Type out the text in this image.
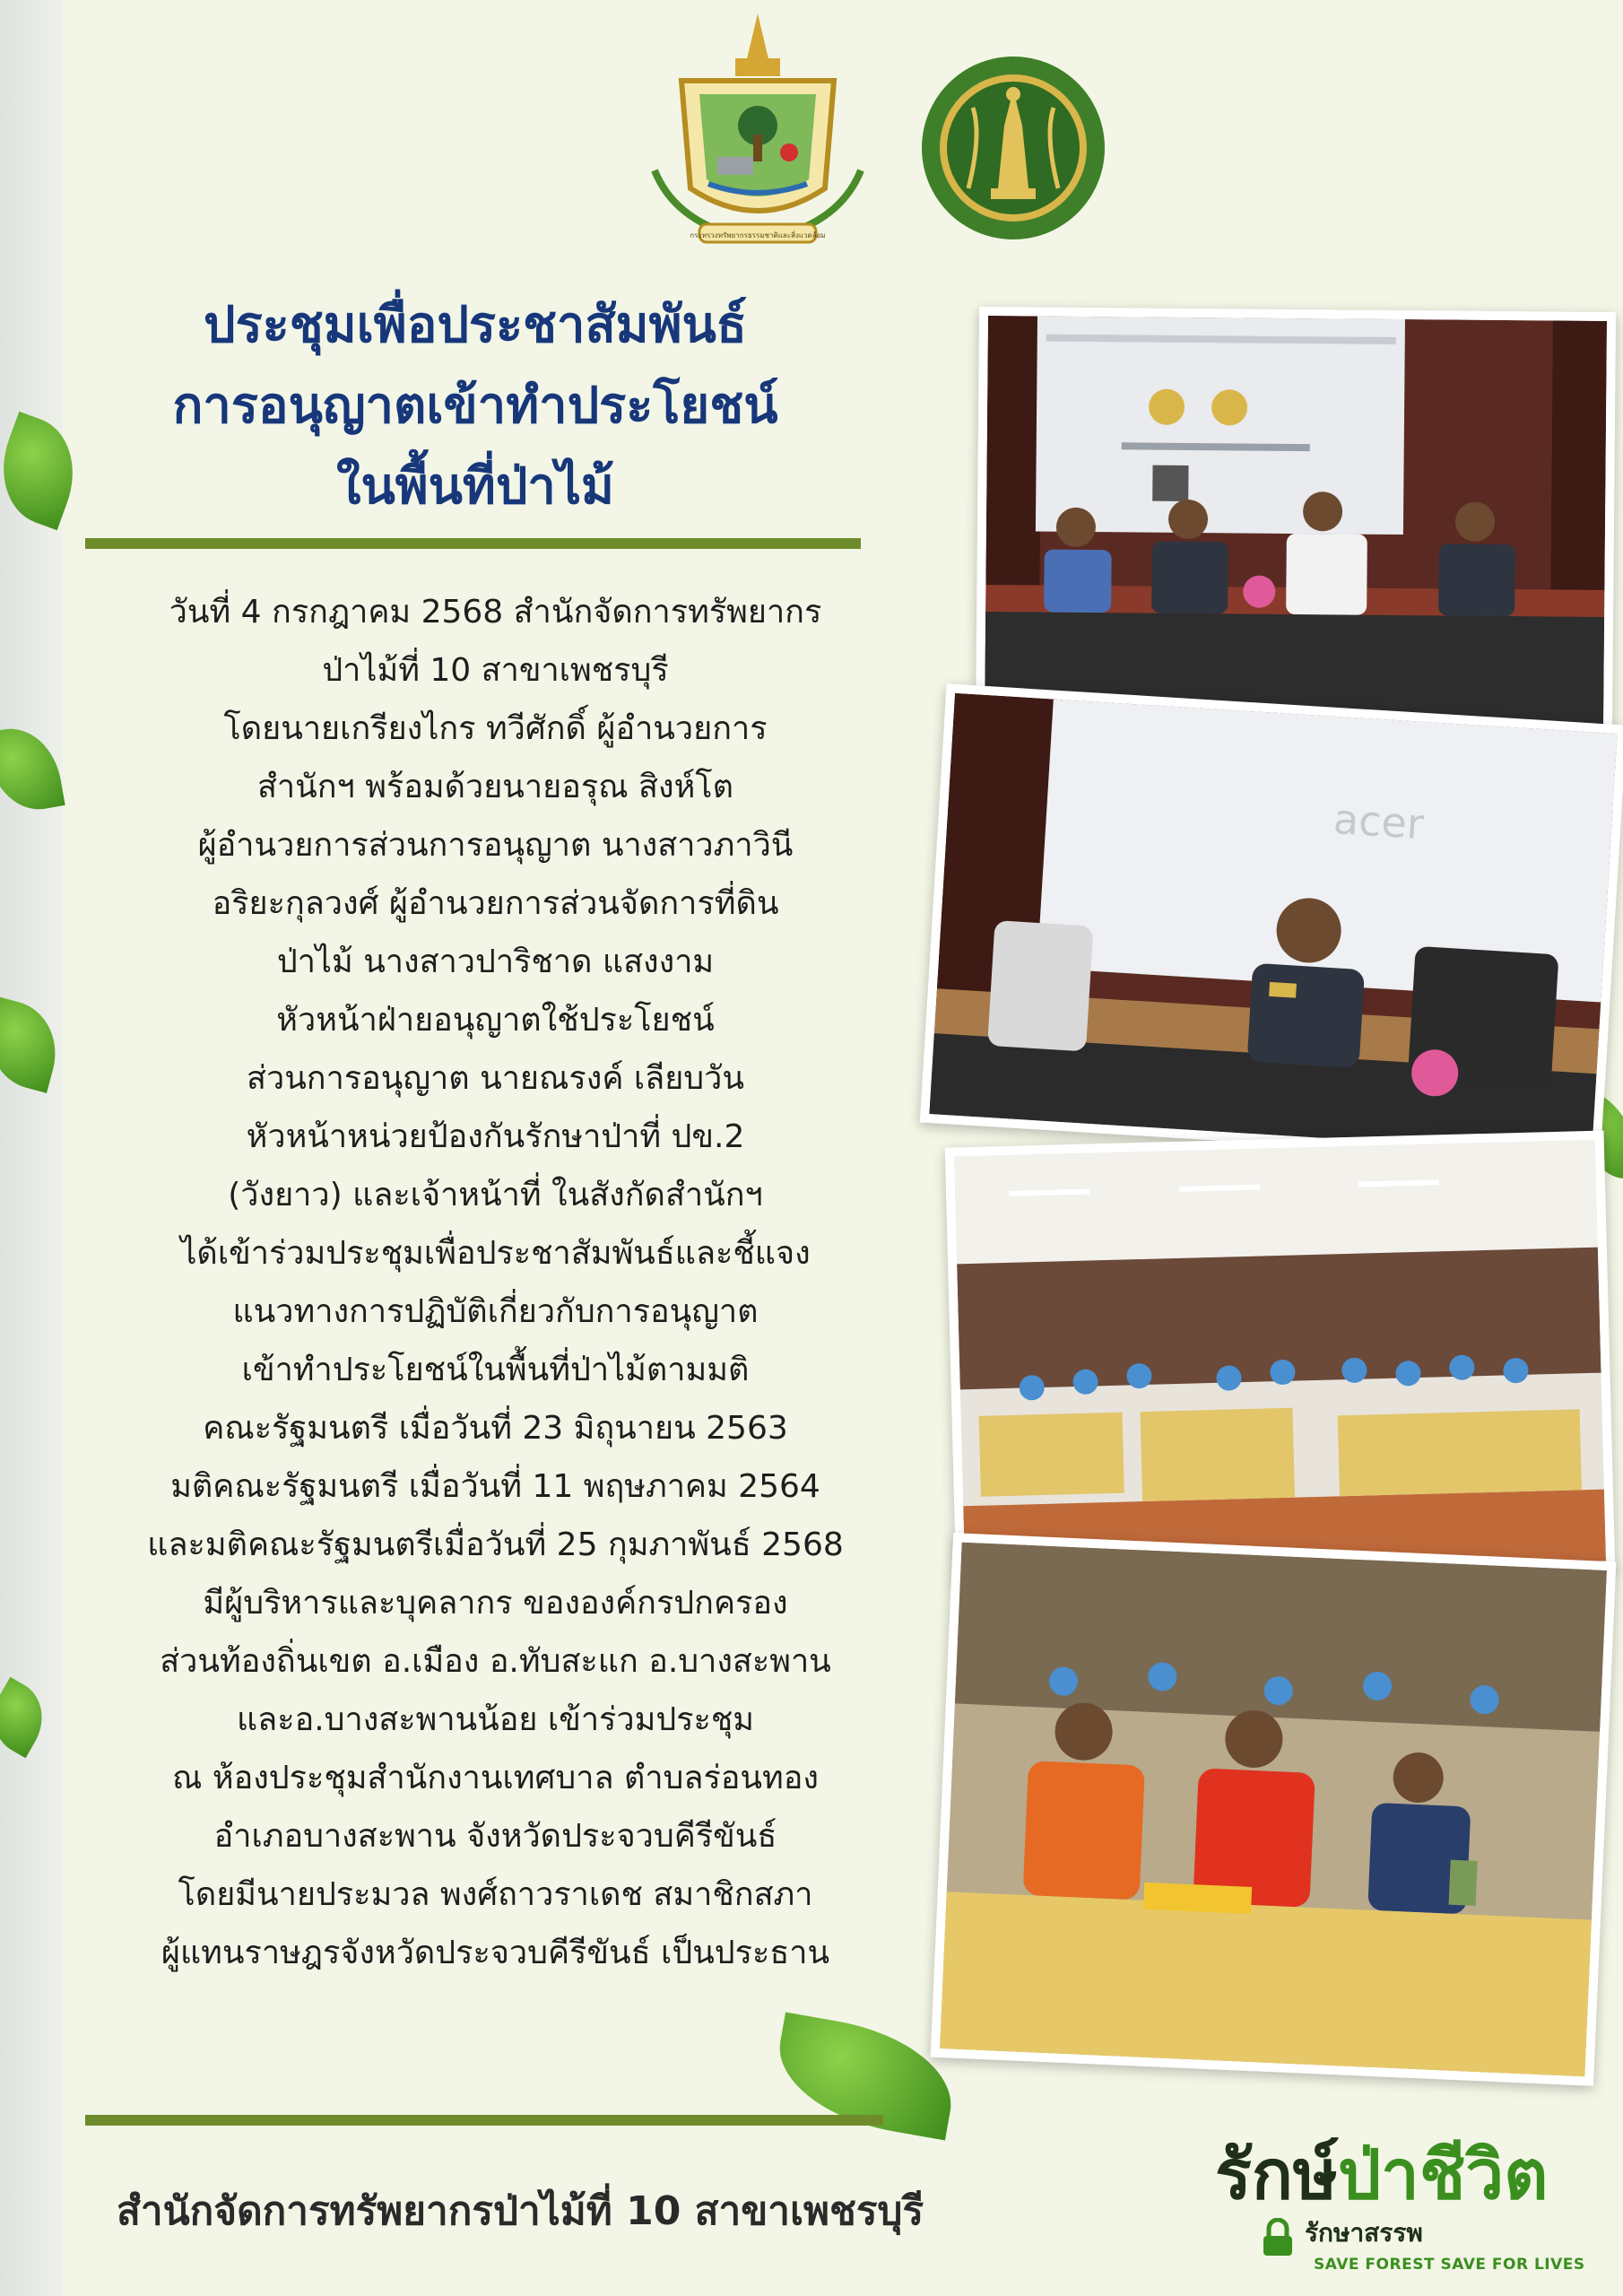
กระทรวงทรัพยากรธรรมชาติและสิ่งแวดล้อม
ประชุมเพื่อประชาสัมพันธ์
การอนุญาตเข้าทำประโยชน์
ในพื้นที่ป่าไม้
วันที่ 4 กรกฎาคม 2568 สำนักจัดการทรัพยากร
ป่าไม้ที่ 10 สาขาเพชรบุรี
โดยนายเกรียงไกร ทวีศักดิ์ ผู้อำนวยการ
สำนักฯ พร้อมด้วยนายอรุณ สิงห์โต
ผู้อำนวยการส่วนการอนุญาต นางสาวภาวินี
อริยะกุลวงศ์ ผู้อำนวยการส่วนจัดการที่ดิน
ป่าไม้ นางสาวปาริชาด แสงงาม
หัวหน้าฝ่ายอนุญาตใช้ประโยชน์
ส่วนการอนุญาต นายณรงค์ เลียบวัน
หัวหน้าหน่วยป้องกันรักษาป่าที่ ปข.2
(วังยาว) และเจ้าหน้าที่ ในสังกัดสำนักฯ
ได้เข้าร่วมประชุมเพื่อประชาสัมพันธ์และชี้แจง
แนวทางการปฏิบัติเกี่ยวกับการอนุญาต
เข้าทำประโยชน์ในพื้นที่ป่าไม้ตามมติ
คณะรัฐมนตรี เมื่อวันที่ 23 มิถุนายน 2563
มติคณะรัฐมนตรี เมื่อวันที่ 11 พฤษภาคม 2564
และมติคณะรัฐมนตรีเมื่อวันที่ 25 กุมภาพันธ์ 2568
มีผู้บริหารและบุคลากร ขององค์กรปกครอง
ส่วนท้องถิ่นเขต อ.เมือง อ.ทับสะแก อ.บางสะพาน
และอ.บางสะพานน้อย เข้าร่วมประชุม
ณ ห้องประชุมสำนักงานเทศบาล ตำบลร่อนทอง
อำเภอบางสะพาน จังหวัดประจวบคีรีขันธ์
โดยมีนายประมวล พงศ์ถาวราเดช สมาชิกสภา
ผู้แทนราษฎรจังหวัดประจวบคีรีขันธ์ เป็นประธาน
acer
สำนักจัดการทรัพยากรป่าไม้ที่ 10 สาขาเพชรบุรี	รักษ์ป่าชีวิต
รักษาสรรพ
SAVE FOREST SAVE FOR LIVES
